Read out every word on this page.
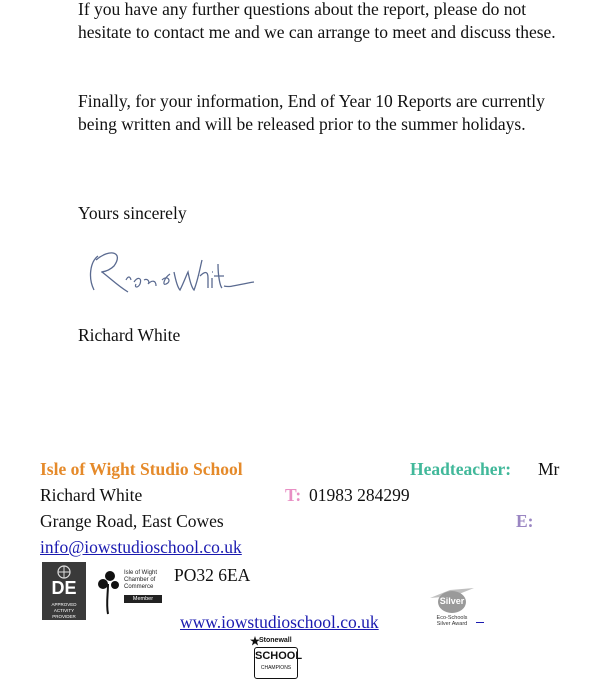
If you have any further questions about the report, please do not hesitate to contact me and we can arrange to meet and discuss these.

Finally, for your information, End of Year 10 Reports are currently being written and will be released prior to the summer holidays.

Yours sincerely

Richard White

Isle of Wight Studio School	Headteacher: Mr
Richard White	T: 01983 284299
Grange Road, East Cowes	E:
info@iowstudioschool.co.uk
PO32 6EA
www.iowstudioschool.co.uk
DE
APPROVED ACTIVITY PROVIDER
Isle of Wight
Chamber of
Commerce
Member	Silver
Eco-Schools
Silver Award
Stonewall
SCHOOL
CHAMPIONS
